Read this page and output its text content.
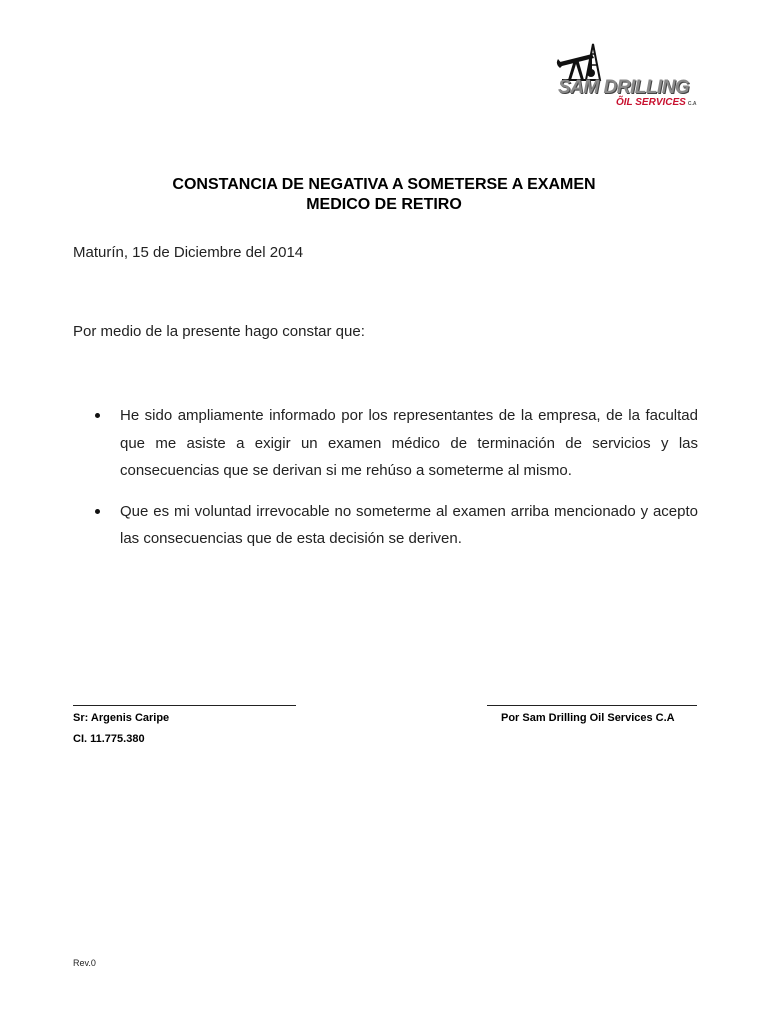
SAM DRILLING
ÕIL SERVICES C.A
CONSTANCIA DE NEGATIVA A SOMETERSE A EXAMEN
MEDICO DE RETIRO
Maturín, 15 de Diciembre del 2014
Por medio de la presente hago constar que:
He sido ampliamente informado por los representantes de la empresa, de la facultad que me asiste a exigir un examen médico de terminación de servicios y las consecuencias que se derivan si me rehúso a someterme al mismo.
Que es mi voluntad irrevocable no someterme al examen arriba mencionado y acepto las consecuencias que de esta decisión se deriven.
Sr: Argenis Caripe
CI. 11.775.380
Por Sam Drilling Oil Services C.A
Rev.0
